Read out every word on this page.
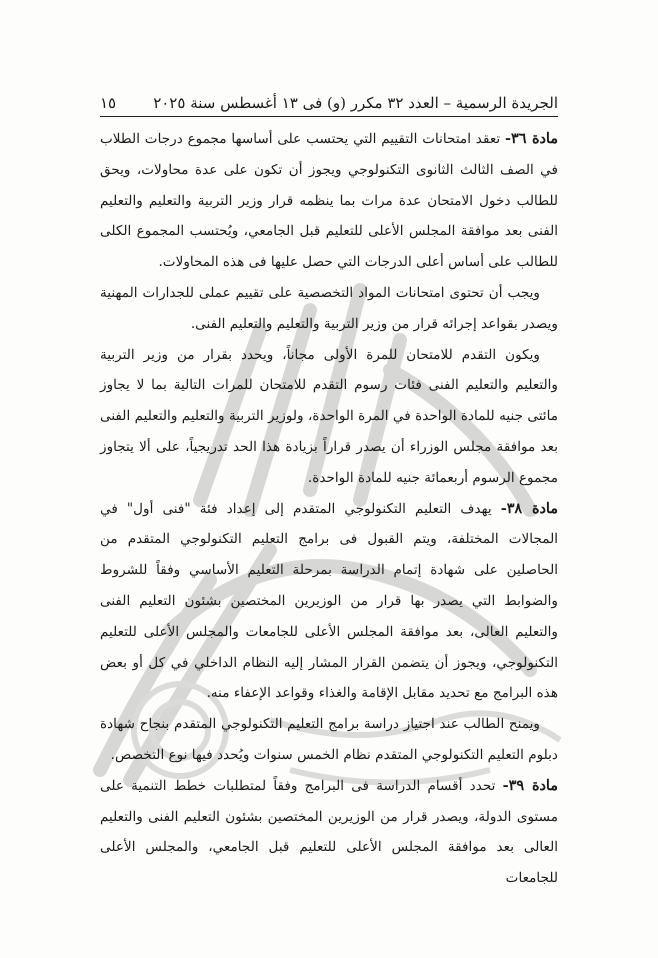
الجريدة الرسمية – العدد ٣٢ مكرر (و) فى ١٣ أغسطس سنة ٢٠٢٥
١٥

مادة ٣٦- تعقد امتحانات التقييم التي يحتسب على أساسها مجموع درجات الطلاب في الصف الثالث الثانوى التكنولوجي ويجوز أن تكون على عدة محاولات، ويحق للطالب دخول الامتحان عدة مرات بما ينظمه قرار وزير التربية والتعليم والتعليم الفنى بعد موافقة المجلس الأعلى للتعليم قبل الجامعي، ويُحتسب المجموع الكلى للطالب على أساس أعلى الدرجات التي حصل عليها فى هذه المحاولات.

ويجب أن تحتوى امتحانات المواد التخصصية على تقييم عملى للجدارات المهنية ويصدر بقواعد إجرائه قرار من وزير التربية والتعليم والتعليم الفنى.

ويكون التقدم للامتحان للمرة الأولى مجاناً، ويحدد بقرار من وزير التربية والتعليم والتعليم الفنى فئات رسوم التقدم للامتحان للمرات التالية بما لا يجاوز مائتى جنيه للمادة الواحدة في المرة الواحدة، ولوزير التربية والتعليم والتعليم الفنى بعد موافقة مجلس الوزراء أن يصدر قراراً بزيادة هذا الحد تدريجياً، على ألا يتجاوز مجموع الرسوم أربعمائة جنيه للمادة الواحدة.

مادة ٣٨- يهدف التعليم التكنولوجي المتقدم إلى إعداد فئة "فنى أول" في المجالات المختلفة، ويتم القبول فى برامج التعليم التكنولوجي المتقدم من الحاصلين على شهادة إتمام الدراسة بمرحلة التعليم الأساسي وفقاً للشروط والضوابط التي يصدر بها قرار من الوزيرين المختصين بشئون التعليم الفنى والتعليم العالى، بعد موافقة المجلس الأعلى للجامعات والمجلس الأعلى للتعليم التكنولوجي، ويجوز أن يتضمن القرار المشار إليه النظام الداخلي في كل أو بعض هذه البرامج مع تحديد مقابل الإقامة والغذاء وقواعد الإعفاء منه.

ويمنح الطالب عند اجتياز دراسة برامج التعليم التكنولوجي المتقدم بنجاح شهادة دبلوم التعليم التكنولوجي المتقدم نظام الخمس سنوات ويُحدد فيها نوع التخصص.

مادة ٣٩- تحدد أقسام الدراسة فى البرامج وفقاً لمتطلبات خطط التنمية على مستوى الدولة، ويصدر قرار من الوزيرين المختصين بشئون التعليم الفنى والتعليم العالى بعد موافقة المجلس الأعلى للتعليم قبل الجامعي، والمجلس الأعلى للجامعات
